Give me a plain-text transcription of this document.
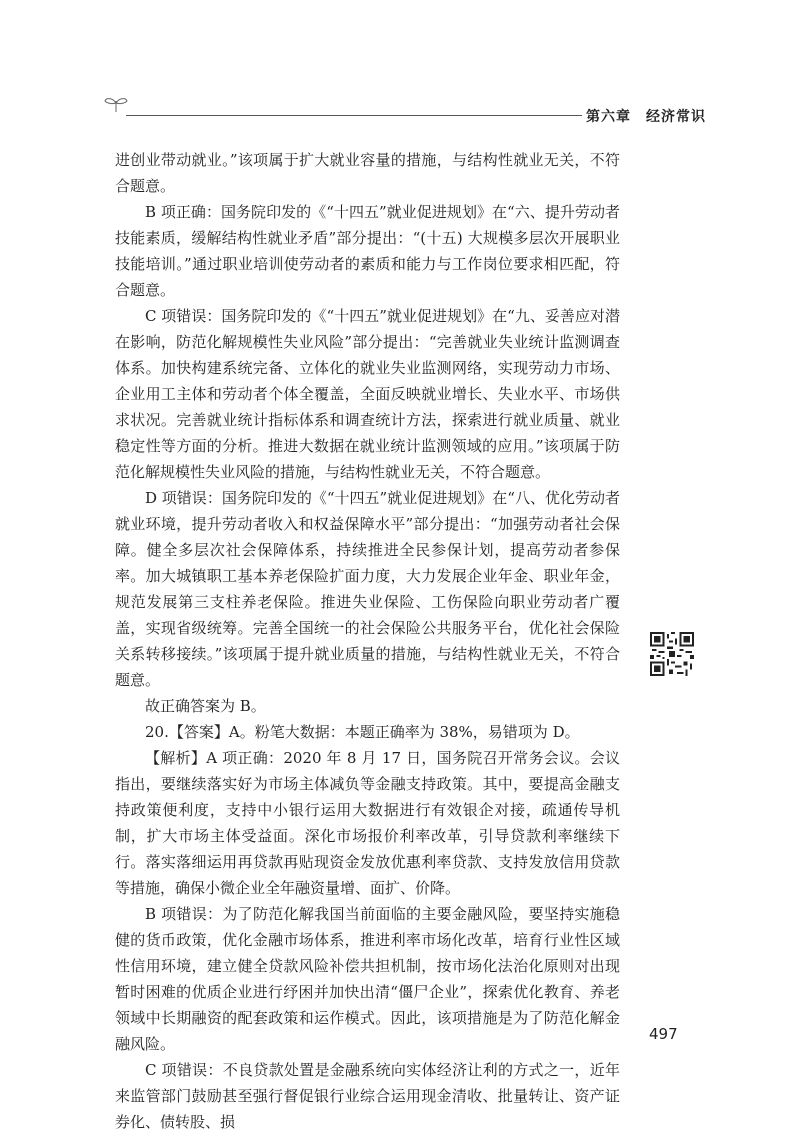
第六章　经济常识

进创业带动就业。”该项属于扩大就业容量的措施，与结构性就业无关，不符合题意。

B 项正确：国务院印发的《“十四五”就业促进规划》在“六、提升劳动者技能素质，缓解结构性就业矛盾”部分提出：“(十五) 大规模多层次开展职业技能培训。”通过职业培训使劳动者的素质和能力与工作岗位要求相匹配，符合题意。

C 项错误：国务院印发的《“十四五”就业促进规划》在“九、妥善应对潜在影响，防范化解规模性失业风险”部分提出：“完善就业失业统计监测调查体系。加快构建系统完备、立体化的就业失业监测网络，实现劳动力市场、企业用工主体和劳动者个体全覆盖，全面反映就业增长、失业水平、市场供求状况。完善就业统计指标体系和调查统计方法，探索进行就业质量、就业稳定性等方面的分析。推进大数据在就业统计监测领域的应用。”该项属于防范化解规模性失业风险的措施，与结构性就业无关，不符合题意。

D 项错误：国务院印发的《“十四五”就业促进规划》在“八、优化劳动者就业环境，提升劳动者收入和权益保障水平”部分提出：“加强劳动者社会保障。健全多层次社会保障体系，持续推进全民参保计划，提高劳动者参保率。加大城镇职工基本养老保险扩面力度，大力发展企业年金、职业年金，规范发展第三支柱养老保险。推进失业保险、工伤保险向职业劳动者广覆盖，实现省级统筹。完善全国统一的社会保险公共服务平台，优化社会保险关系转移接续。”该项属于提升就业质量的措施，与结构性就业无关，不符合题意。

故正确答案为 B。

20.【答案】A。粉笔大数据：本题正确率为 38%，易错项为 D。

【解析】A 项正确：2020 年 8 月 17 日，国务院召开常务会议。会议指出，要继续落实好为市场主体减负等金融支持政策。其中，要提高金融支持政策便利度，支持中小银行运用大数据进行有效银企对接，疏通传导机制，扩大市场主体受益面。深化市场报价利率改革，引导贷款利率继续下行。落实落细运用再贷款再贴现资金发放优惠利率贷款、支持发放信用贷款等措施，确保小微企业全年融资量增、面扩、价降。

B 项错误：为了防范化解我国当前面临的主要金融风险，要坚持实施稳健的货币政策，优化金融市场体系，推进利率市场化改革，培育行业性区域性信用环境，建立健全贷款风险补偿共担机制，按市场化法治化原则对出现暂时困难的优质企业进行纾困并加快出清“僵尸企业”，探索优化教育、养老领域中长期融资的配套政策和运作模式。因此，该项措施是为了防范化解金融风险。

C 项错误：不良贷款处置是金融系统向实体经济让利的方式之一，近年来监管部门鼓励甚至强行督促银行业综合运用现金清收、批量转让、资产证券化、债转股、损

497
